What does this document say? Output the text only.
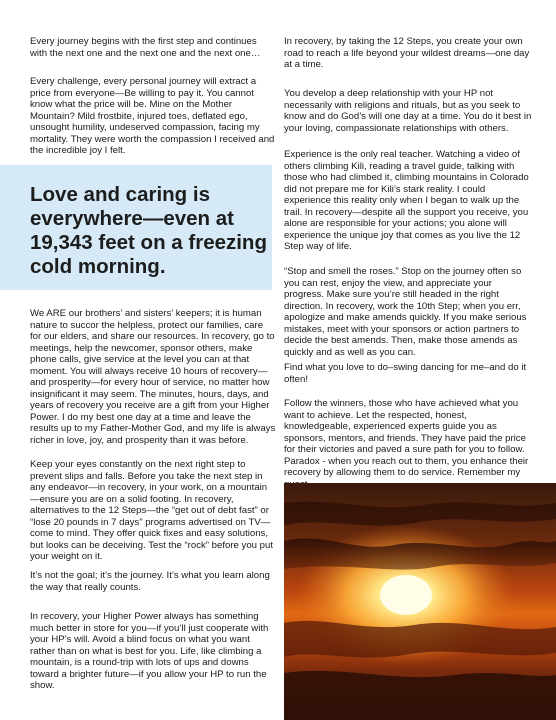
Every journey begins with the first step and continues with the next one and the next one and the next one…

Every challenge, every personal journey will extract a price from everyone—Be willing to pay it. You cannot know what the price will be. Mine on the Mother Mountain? Mild frostbite, injured toes, deflated ego, unsought humility, undeserved compassion, facing my mortality. They were worth the compassion I received and the incredible joy I felt.

We ARE our brothers’ and sisters’ keepers; it is human nature to succor the helpless, protect our families, care for our elders, and share our resources. In recovery, go to meetings, help the newcomer, sponsor others, make phone calls, give service at the level you can at that moment. You will always receive 10 hours of recovery—and prosperity—for every hour of service, no matter how insignificant it may seem. The minutes, hours, days, and years of recovery you receive are a gift from your Higher Power. I do my best one day at a time and leave the results up to my Father-Mother God, and my life is always richer in love, joy, and prosperity than it was before.

Keep your eyes constantly on the next right step to prevent slips and falls. Before you take the next step in any endeavor—in recovery, in your work, on a mountain—ensure you are on a solid footing. In recovery, alternatives to the 12 Steps—the “get out of debt fast” or “lose 20 pounds in 7 days” programs advertised on TV—come to mind. They offer quick fixes and easy solutions, but looks can be deceiving. Test the “rock” before you put your weight on it.

It’s not the goal; it’s the journey. It’s what you learn along the way that really counts.

In recovery, your Higher Power always has something much better in store for you—if you’ll just cooperate with your HP’s will. Avoid a blind focus on what you want rather than on what is best for you. Life, like climbing a mountain, is a round-trip with lots of ups and downs toward a brighter future—if you allow your HP to run the show.

Love and caring is everywhere—even at 19,343 feet on a freezing cold morning.

In recovery, by taking the 12 Steps, you create your own road to reach a life beyond your wildest dreams—one day at a time.

You develop a deep relationship with your HP not necessarily with religions and rituals, but as you seek to know and do God’s will one day at a time. You do it best in your loving, compassionate relationships with others.

Experience is the only real teacher. Watching a video of others climbing Kili, reading a travel guide, talking with those who had climbed it, climbing mountains in Colorado did not prepare me for Kili’s stark reality. I could experience this reality only when I began to walk up the trail. In recovery—despite all the support you receive, you alone are responsible for your actions; you alone will experience the unique joy that comes as you live the 12 Step way of life.

“Stop and smell the roses.” Stop on the journey often so you can rest, enjoy the view, and appreciate your progress. Make sure you’re still headed in the right direction. In recovery, work the 10th Step; when you err, apologize and make amends quickly. If you make serious mistakes, meet with your sponsors or action partners to decide the best amends. Then, make those amends as quickly and as well as you can.

Find what you love to do–swing dancing for me–and do it often!

Follow the winners, those who have achieved what you want to achieve. Let the respected, honest, knowledgeable, experienced experts guide you as sponsors, mentors, and friends. They have paid the price for their victories and paved a sure path for you to follow. Paradox - when you reach out to them, you enhance their recovery by allowing them to do service. Remember my
